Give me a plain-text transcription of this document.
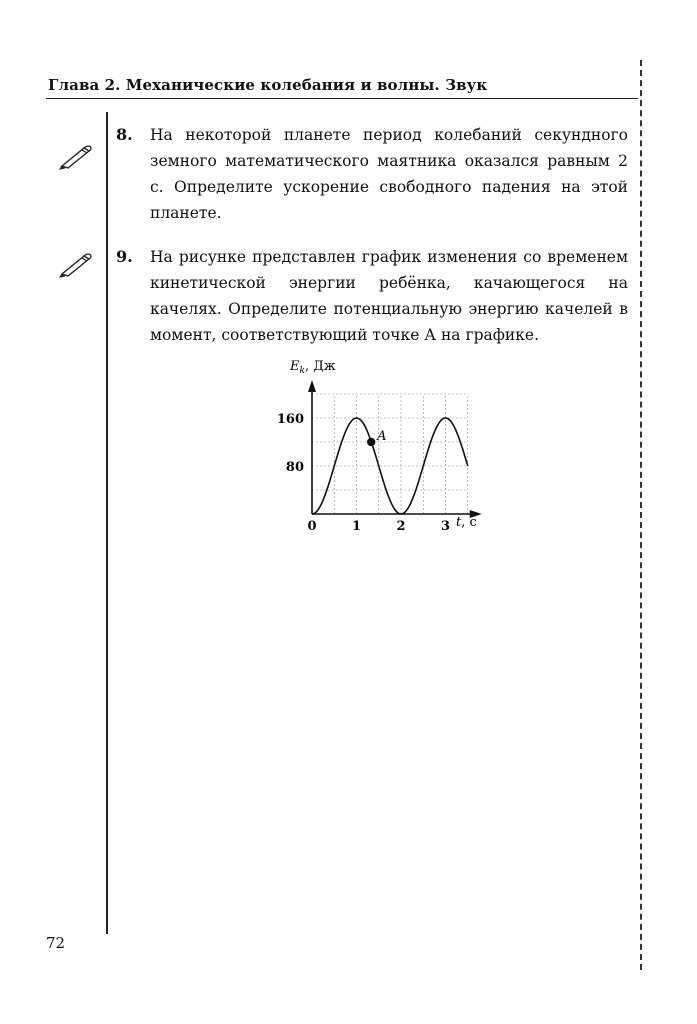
Глава 2. Механические колебания и волны. Звук
8. На некоторой планете период колебаний секундного земного математического маятника оказался равным 2 с. Определите ускорение свободного падения на этой планете.
9. На рисунке представлен график изменения со временем кинетической энергии ребёнка, качающегося на качелях. Определите потенциальную энергию качелей в момент, соответствующий точке А на графике.
A
$E_k$, Дж
t, с
0	1	2	3
80
160
72
